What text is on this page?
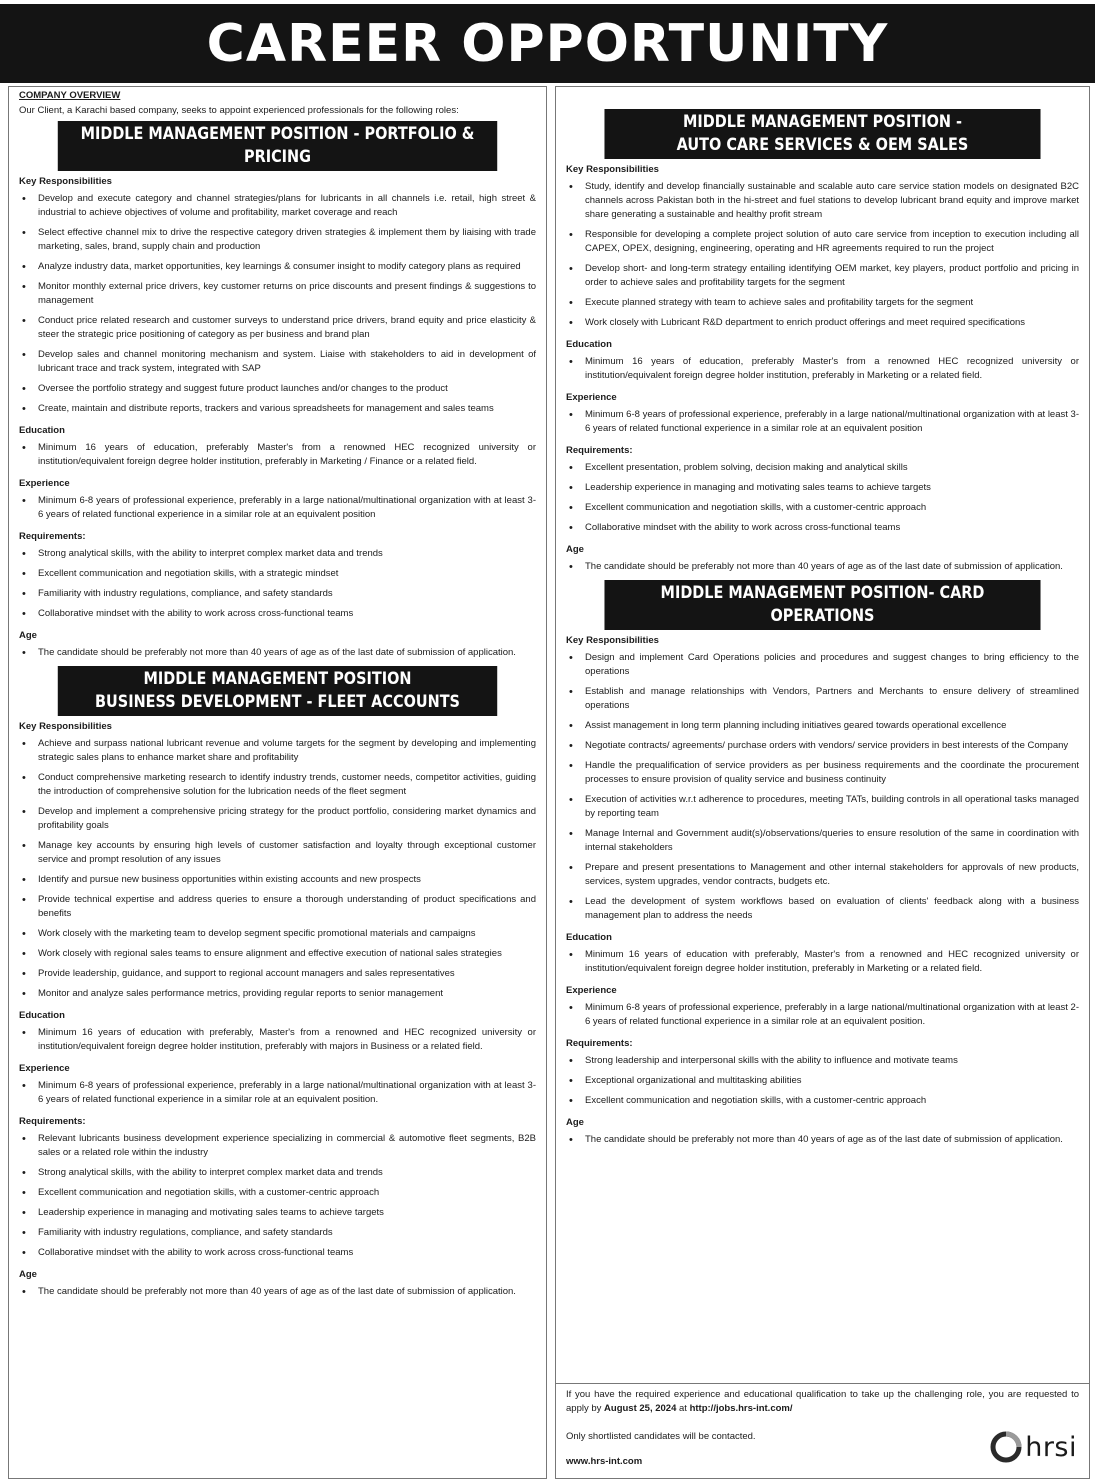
CAREER OPPORTUNITY
COMPANY OVERVIEW
Our Client, a Karachi based company, seeks to appoint experienced professionals for the following roles:
MIDDLE MANAGEMENT POSITION - PORTFOLIO & PRICING
Key Responsibilities
• Develop and execute category and channel strategies/plans for lubricants in all channels i.e. retail, high street & industrial to achieve objectives of volume and profitability, market coverage and reach
• Select effective channel mix to drive the respective category driven strategies & implement them by liaising with trade marketing, sales, brand, supply chain and production
• Analyze industry data, market opportunities, key learnings & consumer insight to modify category plans as required
• Monitor monthly external price drivers, key customer returns on price discounts and present findings & suggestions to management
• Conduct price related research and customer surveys to understand price drivers, brand equity and price elasticity & steer the strategic price positioning of category as per business and brand plan
• Develop sales and channel monitoring mechanism and system. Liaise with stakeholders to aid in development of lubricant trace and track system, integrated with SAP
• Oversee the portfolio strategy and suggest future product launches and/or changes to the product
• Create, maintain and distribute reports, trackers and various spreadsheets for management and sales teams
Education
• Minimum 16 years of education, preferably Master's from a renowned HEC recognized university or institution/equivalent foreign degree holder institution, preferably in Marketing / Finance or a related field.
Experience
• Minimum 6-8 years of professional experience, preferably in a large national/multinational organization with at least 3-6 years of related functional experience in a similar role at an equivalent position
Requirements:
• Strong analytical skills, with the ability to interpret complex market data and trends
• Excellent communication and negotiation skills, with a strategic mindset
• Familiarity with industry regulations, compliance, and safety standards
• Collaborative mindset with the ability to work across cross-functional teams
Age
• The candidate should be preferably not more than 40 years of age as of the last date of submission of application.
MIDDLE MANAGEMENT POSITION
BUSINESS DEVELOPMENT - FLEET ACCOUNTS
Key Responsibilities
• Achieve and surpass national lubricant revenue and volume targets for the segment by developing and implementing strategic sales plans to enhance market share and profitability
• Conduct comprehensive marketing research to identify industry trends, customer needs, competitor activities, guiding the introduction of comprehensive solution for the lubrication needs of the fleet segment
• Develop and implement a comprehensive pricing strategy for the product portfolio, considering market dynamics and profitability goals
• Manage key accounts by ensuring high levels of customer satisfaction and loyalty through exceptional customer service and prompt resolution of any issues
• Identify and pursue new business opportunities within existing accounts and new prospects
• Provide technical expertise and address queries to ensure a thorough understanding of product specifications and benefits
• Work closely with the marketing team to develop segment specific promotional materials and campaigns
• Work closely with regional sales teams to ensure alignment and effective execution of national sales strategies
• Provide leadership, guidance, and support to regional account managers and sales representatives
• Monitor and analyze sales performance metrics, providing regular reports to senior management
Education
• Minimum 16 years of education with preferably, Master's from a renowned and HEC recognized university or institution/equivalent foreign degree holder institution, preferably with majors in Business or a related field.
Experience
• Minimum 6-8 years of professional experience, preferably in a large national/multinational organization with at least 3-6 years of related functional experience in a similar role at an equivalent position.
Requirements:
• Relevant lubricants business development experience specializing in commercial & automotive fleet segments, B2B sales or a related role within the industry
• Strong analytical skills, with the ability to interpret complex market data and trends
• Excellent communication and negotiation skills, with a customer-centric approach
• Leadership experience in managing and motivating sales teams to achieve targets
• Familiarity with industry regulations, compliance, and safety standards
• Collaborative mindset with the ability to work across cross-functional teams
Age
• The candidate should be preferably not more than 40 years of age as of the last date of submission of application.
MIDDLE MANAGEMENT POSITION -
AUTO CARE SERVICES & OEM SALES
Key Responsibilities
• Study, identify and develop financially sustainable and scalable auto care service station models on designated B2C channels across Pakistan both in the hi-street and fuel stations to develop lubricant brand equity and improve market share generating a sustainable and healthy profit stream
• Responsible for developing a complete project solution of auto care service from inception to execution including all CAPEX, OPEX, designing, engineering, operating and HR agreements required to run the project
• Develop short- and long-term strategy entailing identifying OEM market, key players, product portfolio and pricing in order to achieve sales and profitability targets for the segment
• Execute planned strategy with team to achieve sales and profitability targets for the segment
• Work closely with Lubricant R&D department to enrich product offerings and meet required specifications
Education
• Minimum 16 years of education, preferably Master's from a renowned HEC recognized university or institution/equivalent foreign degree holder institution, preferably in Marketing or a related field.
Experience
• Minimum 6-8 years of professional experience, preferably in a large national/multinational organization with at least 3-6 years of related functional experience in a similar role at an equivalent position
Requirements:
• Excellent presentation, problem solving, decision making and analytical skills
• Leadership experience in managing and motivating sales teams to achieve targets
• Excellent communication and negotiation skills, with a customer-centric approach
• Collaborative mindset with the ability to work across cross-functional teams
Age
• The candidate should be preferably not more than 40 years of age as of the last date of submission of application.
MIDDLE MANAGEMENT POSITION- CARD OPERATIONS
Key Responsibilities
• Design and implement Card Operations policies and procedures and suggest changes to bring efficiency to the operations
• Establish and manage relationships with Vendors, Partners and Merchants to ensure delivery of streamlined operations
• Assist management in long term planning including initiatives geared towards operational excellence
• Negotiate contracts/ agreements/ purchase orders with vendors/ service providers in best interests of the Company
• Handle the prequalification of service providers as per business requirements and the coordinate the procurement processes to ensure provision of quality service and business continuity
• Execution of activities w.r.t adherence to procedures, meeting TATs, building controls in all operational tasks managed by reporting team
• Manage Internal and Government audit(s)/observations/queries to ensure resolution of the same in coordination with internal stakeholders
• Prepare and present presentations to Management and other internal stakeholders for approvals of new products, services, system upgrades, vendor contracts, budgets etc.
• Lead the development of system workflows based on evaluation of clients' feedback along with a business management plan to address the needs
Education
• Minimum 16 years of education with preferably, Master's from a renowned and HEC recognized university or institution/equivalent foreign degree holder institution, preferably in Marketing or a related field.
Experience
• Minimum 6-8 years of professional experience, preferably in a large national/multinational organization with at least 2-6 years of related functional experience in a similar role at an equivalent position.
Requirements:
• Strong leadership and interpersonal skills with the ability to influence and motivate teams
• Exceptional organizational and multitasking abilities
• Excellent communication and negotiation skills, with a customer-centric approach
Age
• The candidate should be preferably not more than 40 years of age as of the last date of submission of application.

If you have the required experience and educational qualification to take up the challenging role, you are requested to apply by August 25, 2024 at http://jobs.hrs-int.com/

Only shortlisted candidates will be contacted.
www.hrs-int.com	hrsi
